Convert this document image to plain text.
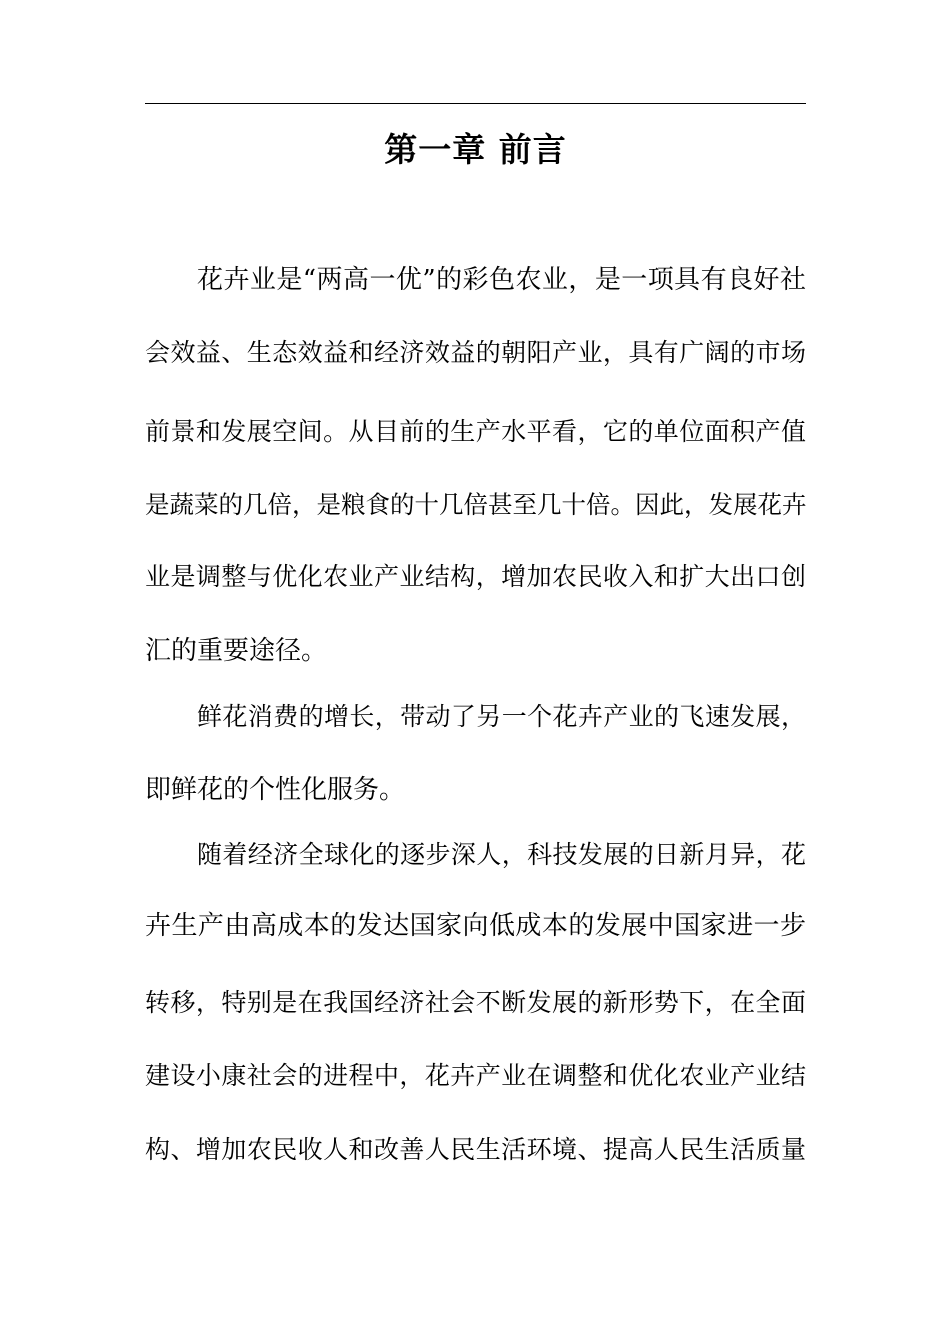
第一章 前言
花卉业是“两高一优”的彩色农业，是一项具有良好社
会效益、生态效益和经济效益的朝阳产业，具有广阔的市场
前景和发展空间。从目前的生产水平看，它的单位面积产值
是蔬菜的几倍，是粮食的十几倍甚至几十倍。因此，发展花卉
业是调整与优化农业产业结构，增加农民收入和扩大出口创
汇的重要途径。
鲜花消费的增长，带动了另一个花卉产业的飞速发展，
即鲜花的个性化服务。
随着经济全球化的逐步深人，科技发展的日新月异，花
卉生产由高成本的发达国家向低成本的发展中国家进一步
转移，特别是在我国经济社会不断发展的新形势下，在全面
建设小康社会的进程中，花卉产业在调整和优化农业产业结
构、增加农民收人和改善人民生活环境、提高人民生活质量
